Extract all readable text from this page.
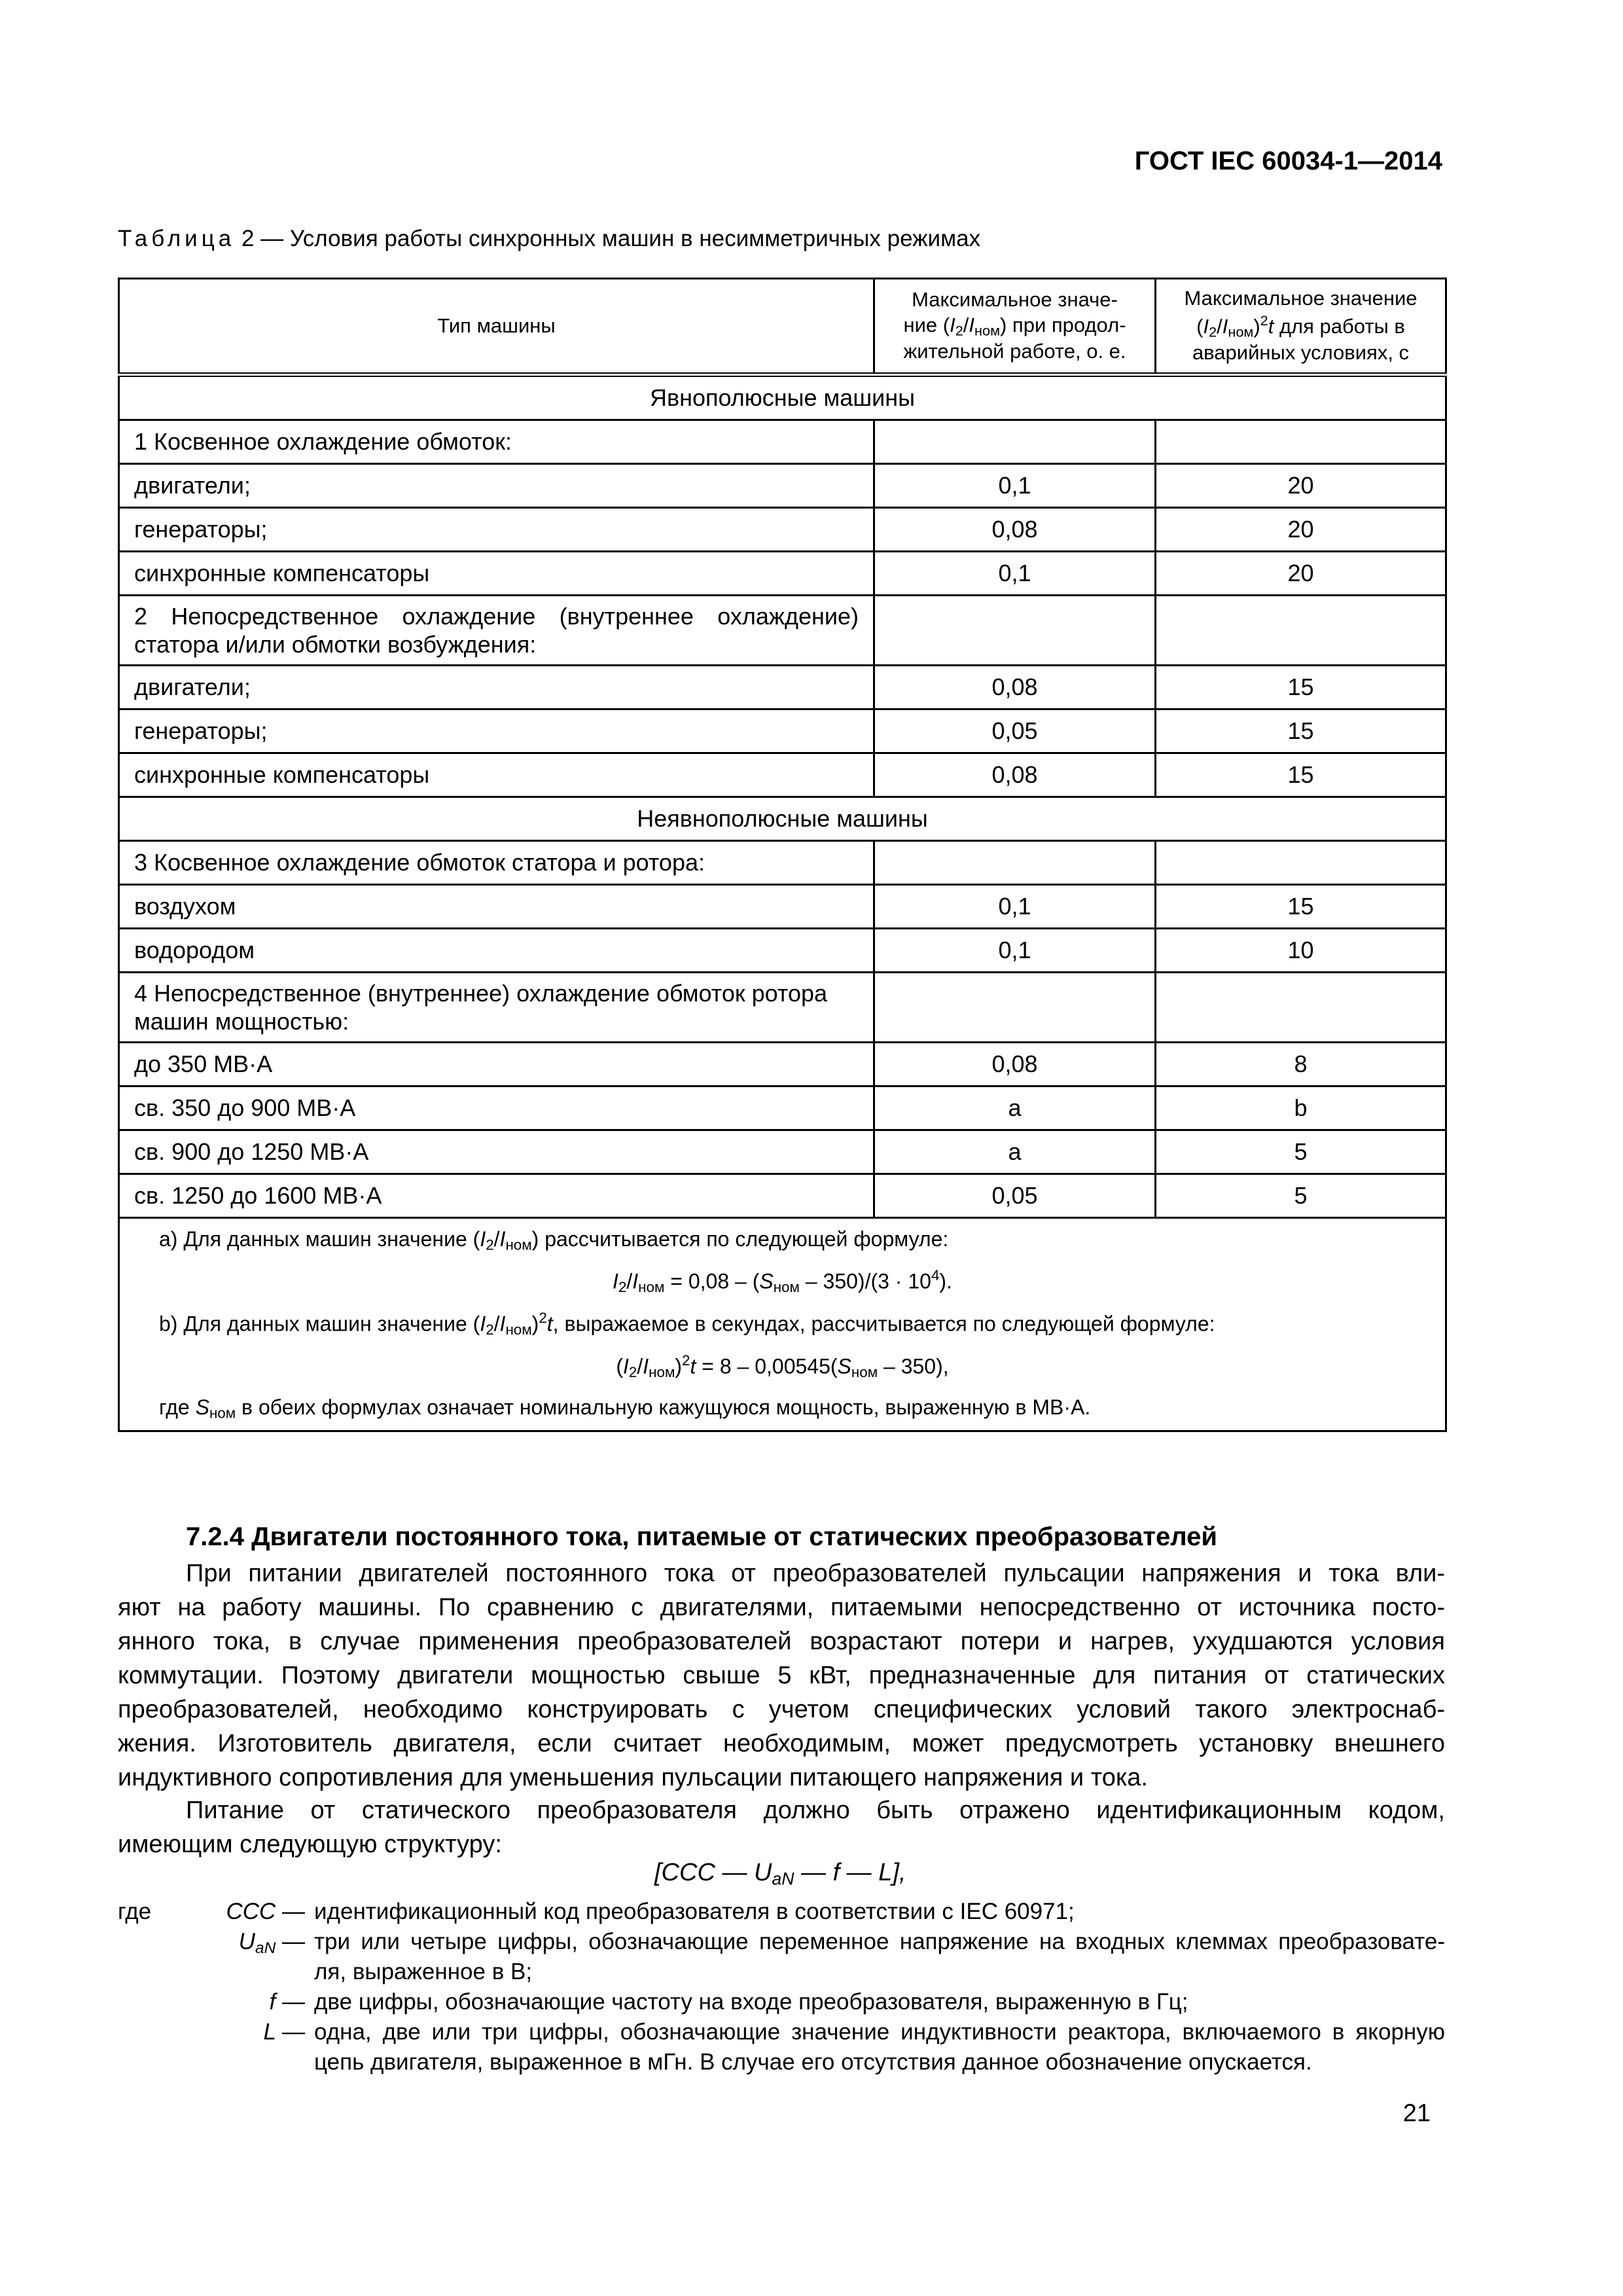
ГОСТ IEC 60034-1—2014
Таблица 2 — Условия работы синхронных машин в несимметричных режимах
Тип машины	Максимальное значе-
ние $(I_2/I_{ном})$ при продол-
жительной работе, о. е.	Максимальное значение
$(I_2/I_{ном})^2t$ для работы в
аварийных условиях, с
Явнополюсные машины		
1 Косвенное охлаждение обмоток:		
двигатели;	0,1	20
генераторы;	0,08	20
синхронные компенсаторы	0,1	20

2 Непосредственное охлаждение (внутреннее охлаждение)
статора и/или обмотки возбуждения:		
двигатели;	0,08	15
генераторы;	0,05	15
синхронные компенсаторы	0,08	15
Неявнополюсные машины		
3 Косвенное охлаждение обмоток статора и ротора:		
воздухом	0,1	15
водородом	0,1	10
4 Непосредственное (внутреннее) охлаждение обмоток ротора
машин мощностью:		
до 350 МВ·А	0,08	8
св. 350 до 900 МВ·А	a	b
св. 900 до 1250 МВ·А	a	5
св. 1250 до 1600 МВ·А	0,05	5

a) Для данных машин значение $(I_2/I_{ном})$ рассчитывается по следующей формуле:
$I_2/I_{ном} = 0,08 - (S_{ном} - 350)/(3 \cdot 10^4)$.
b) Для данных машин значение $(I_2/I_{ном})^2t$, выражаемое в секундах, рассчитывается по следующей формуле:
$(I_2/I_{ном})^2t = 8 - 0,00545(S_{ном} - 350)$,
где $S_{ном}$ в обеих формулах означает номинальную кажущуюся мощность, выраженную в МВ·А.		
7.2.4 Двигатели постоянного тока, питаемые от статических преобразователей
При питании двигателей постоянного тока от преобразователей пульсации напряжения и тока вли-
яют на работу машины. По сравнению с двигателями, питаемыми непосредственно от источника посто-
янного тока, в случае применения преобразователей возрастают потери и нагрев, ухудшаются условия
коммутации. Поэтому двигатели мощностью свыше 5 кВт, предназначенные для питания от статических
преобразователей, необходимо конструировать с учетом специфических условий такого электроснаб-
жения. Изготовитель двигателя, если считает необходимым, может предусмотреть установку внешнего
индуктивного сопротивления для уменьшения пульсации питающего напряжения и тока.
Питание от статического преобразователя должно быть отражено идентификационным кодом,
имеющим следующую структуру:
[CCC — $U_{aN}$ — f — L],
где	CCC — идентификационный код преобразователя в соответствии с IEC 60971;
$U_{aN}$ — три или четыре цифры, обозначающие переменное напряжение на входных клеммах преобразовате-
ля, выраженное в В;
f — две цифры, обозначающие частоту на входе преобразователя, выраженную в Гц;
L — одна, две или три цифры, обозначающие значение индуктивности реактора, включаемого в якорную
цепь двигателя, выраженное в мГн. В случае его отсутствия данное обозначение опускается.
21
